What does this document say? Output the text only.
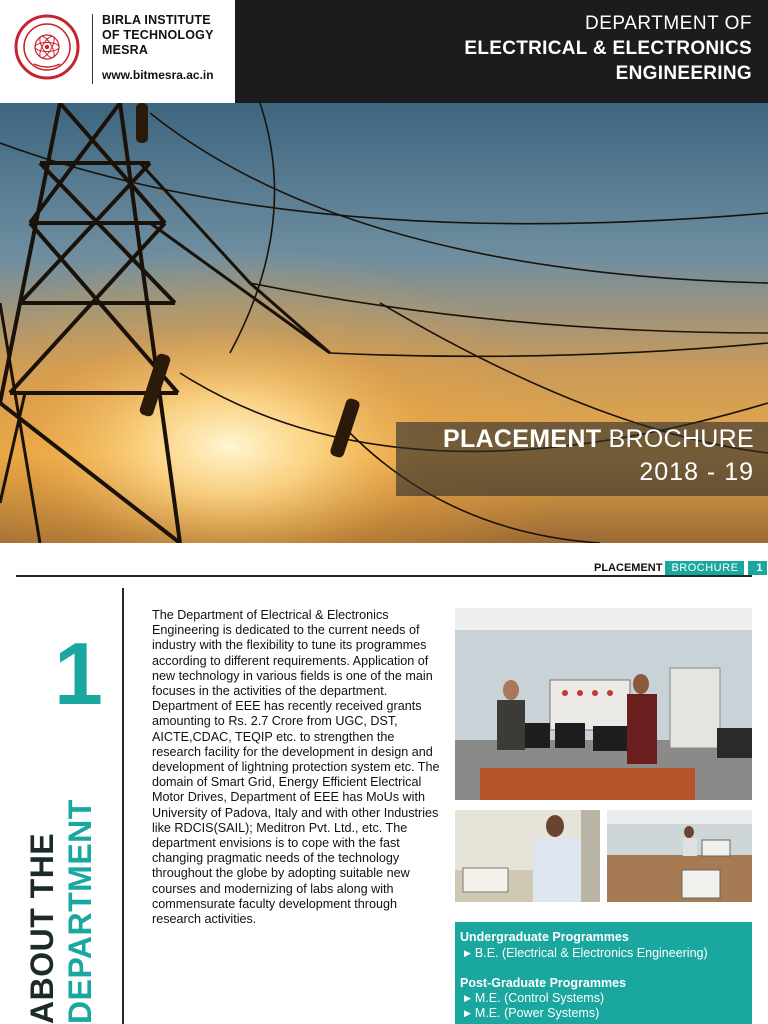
BIRLA INSTITUTE
OF TECHNOLOGY
MESRA
www.bitmesra.ac.in
DEPARTMENT OF
ELECTRICAL & ELECTRONICS
ENGINEERING
PLACEMENT BROCHURE
2018 - 19
PLACEMENT BROCHURE	1
1
ABOUT THE DEPARTMENT
The Department of Electrical & Electronics Engineering is dedicated to the current needs of industry with the flexibility to tune its programmes according to different requirements. Application of new technology in various fields is one of the main focuses in the activities of the department. Department of EEE has recently received grants amounting to Rs. 2.7 Crore from UGC, DST, AICTE,CDAC, TEQIP etc. to strengthen the research facility for the development in design and development of lightning protection system etc. The domain of Smart Grid, Energy Efficient Electrical Motor Drives, Department of EEE has MoUs with University of Padova, Italy and with other Industries like RDCIS(SAIL); Meditron Pvt. Ltd., etc. The department envisions is to cope with the fast changing pragmatic needs of the technology throughout the globe by adopting suitable new courses and modernizing of labs along with commensurate faculty development through research activities.
Undergraduate Programmes
▶ B.E. (Electrical & Electronics Engineering)
Post-Graduate Programmes
▶ M.E. (Control Systems)
▶ M.E. (Power Systems)
